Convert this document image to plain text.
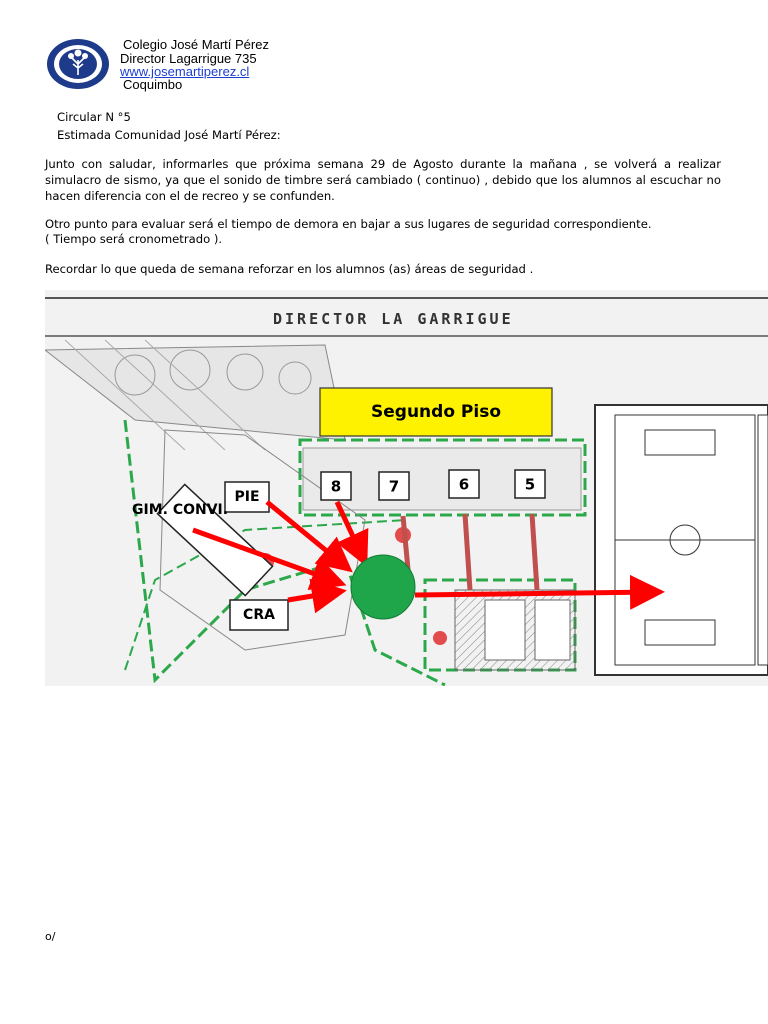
Colegio José Martí Pérez
Director Lagarrigue 735
www.josemartiperez.cl
Coquimbo
Circular N °5
Estimada Comunidad José Martí Pérez:
Junto con saludar, informarles que próxima semana 29 de Agosto durante la mañana , se volverá a realizar simulacro de sismo, ya que el sonido de timbre será cambiado ( continuo) , debido que los alumnos al escuchar no hacen diferencia con el de recreo y se confunden.
Otro punto para evaluar será el tiempo de demora en bajar a sus lugares de seguridad correspondiente.
( Tiempo será cronometrado ).
Recordar lo que queda de semana reforzar en los alumnos (as) áreas de seguridad .
DIRECTOR LA GARRIGUE
Segundo Piso
8	7	6	5
PIE
GIM. CONVI.
CRA
o/
